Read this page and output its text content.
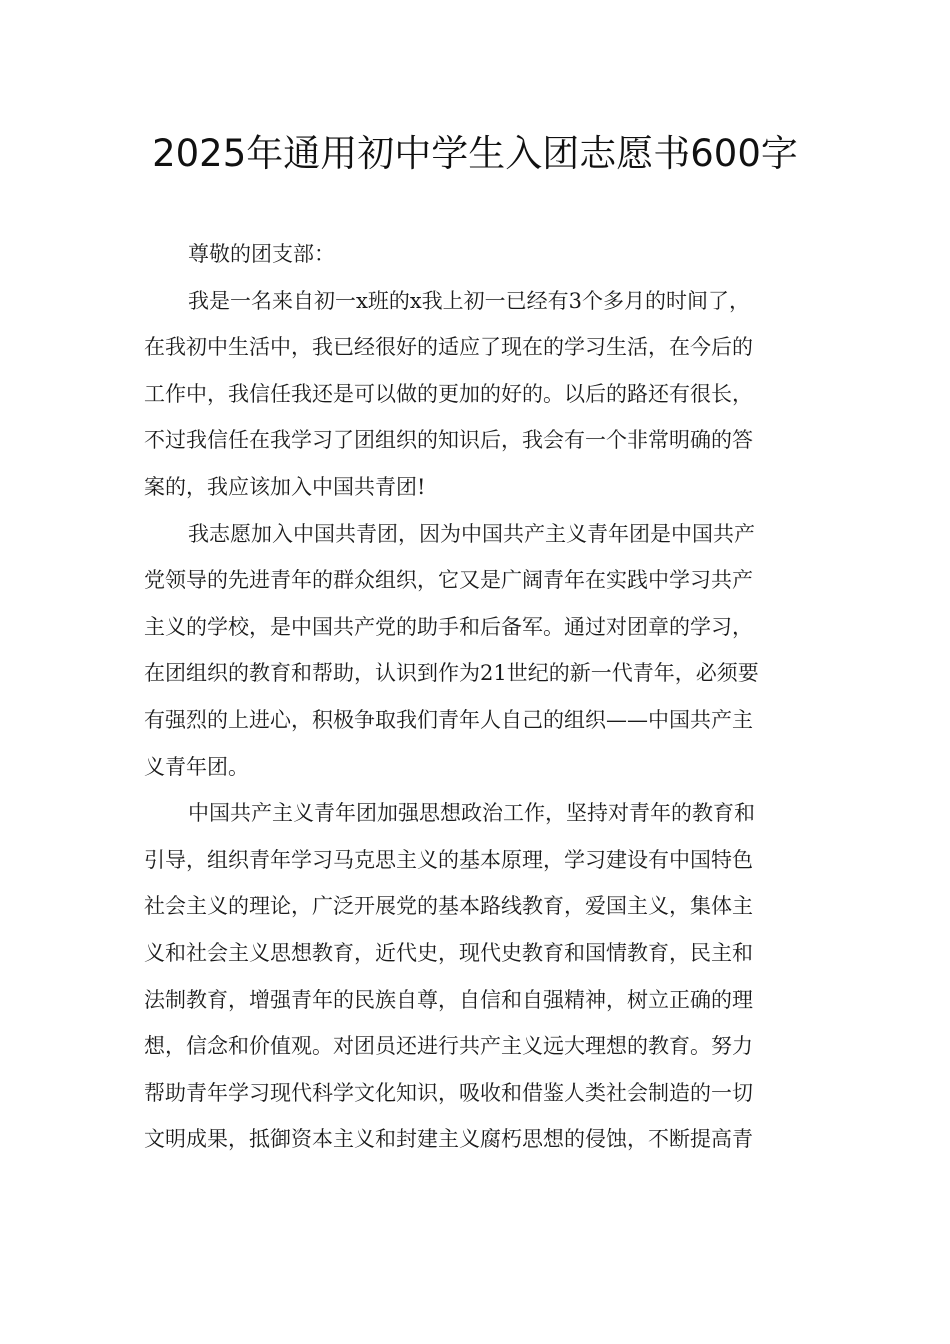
2025年通用初中学生入团志愿书600字
尊敬的团支部：
我是一名来自初一x班的x我上初一已经有3个多月的时间了，
在我初中生活中，我已经很好的适应了现在的学习生活，在今后的
工作中，我信任我还是可以做的更加的好的。以后的路还有很长，
不过我信任在我学习了团组织的知识后，我会有一个非常明确的答
案的，我应该加入中国共青团!
我志愿加入中国共青团，因为中国共产主义青年团是中国共产
党领导的先进青年的群众组织，它又是广阔青年在实践中学习共产
主义的学校，是中国共产党的助手和后备军。通过对团章的学习，
在团组织的教育和帮助，认识到作为21世纪的新一代青年，必须要
有强烈的上进心，积极争取我们青年人自己的组织——中国共产主
义青年团。
中国共产主义青年团加强思想政治工作，坚持对青年的教育和
引导，组织青年学习马克思主义的基本原理，学习建设有中国特色
社会主义的理论，广泛开展党的基本路线教育，爱国主义，集体主
义和社会主义思想教育，近代史，现代史教育和国情教育，民主和
法制教育，增强青年的民族自尊，自信和自强精神，树立正确的理
想，信念和价值观。对团员还进行共产主义远大理想的教育。努力
帮助青年学习现代科学文化知识，吸收和借鉴人类社会制造的一切
文明成果，抵御资本主义和封建主义腐朽思想的侵蚀，不断提高青
